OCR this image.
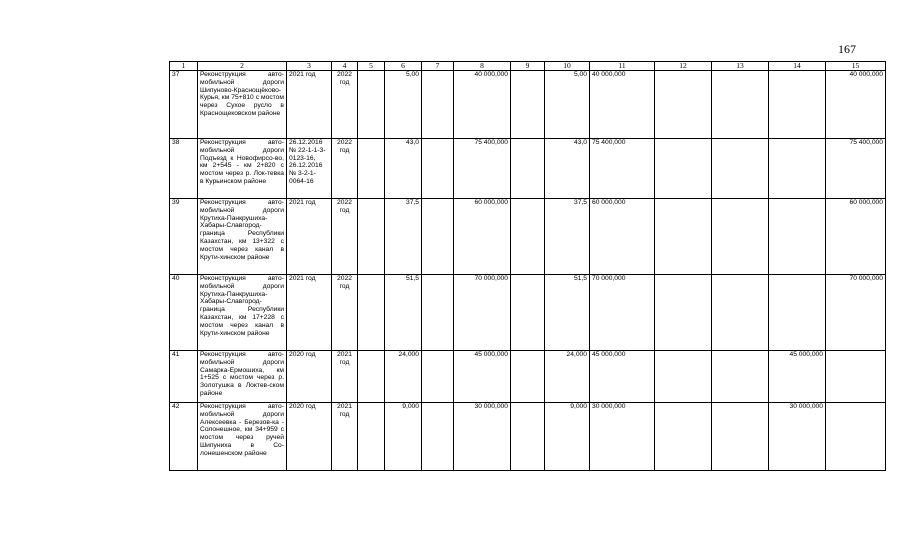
167
1	2	3	4	5	6	7	8	9	10	11	12	13	14	15
37	Реконструкция авто-мобильной дороги Шипуново-Краснощёково-Курья, км 75+810 с мостом через Сухое русло в Краснощековском районе	2021 год	2022 год		5,00		40 000,000		5,00	40 000,000				40 000,000
38	Реконструкция авто-мобильной дороги Подъезд к Новофирсо-во, км 2+545 - км 2+820 с мостом через р. Лок-тевка в Курьинском районе	26.12.2016 № 22-1-1-3-0123-16, 26.12.2016 № 3-2-1-0064-16	2022 год		43,0		75 400,000		43,0	75 400,000				75 400,000
39	Реконструкция авто-мобильной дороги Крутиха-Панкрушиха-Хабары-Славгород-граница Республики Казахстан, км 13+322 с мостом через канал в Крути-хинском районе	2021 год	2022 год		37,5		60 000,000		37,5	60 000,000				60 000,000
40	Реконструкция авто-мобильной дороги Крутиха-Панкрушиха-Хабары-Славгород-граница Республики Казахстан, км 17+228 с мостом через канал в Крути-хинском районе	2021 год	2022 год		51,5		70 000,000		51,5	70 000,000				70 000,000
41	Реконструкция авто-мобильной дороги Самарка-Ермошиха, км 1+525 с мостом через р. Золотушка в Локтев-ском районе	2020 год	2021 год		24,000		45 000,000		24,000	45 000,000			45 000,000	
42	Реконструкция авто-мобильной дороги Алексеевка - Березов-ка - Солонешное, км 34+959 с мостом через ручей Шипуниха в Со-лонешенском районе	2020 год	2021 год		9,000		30 000,000		9,000	30 000,000			30 000,000	
